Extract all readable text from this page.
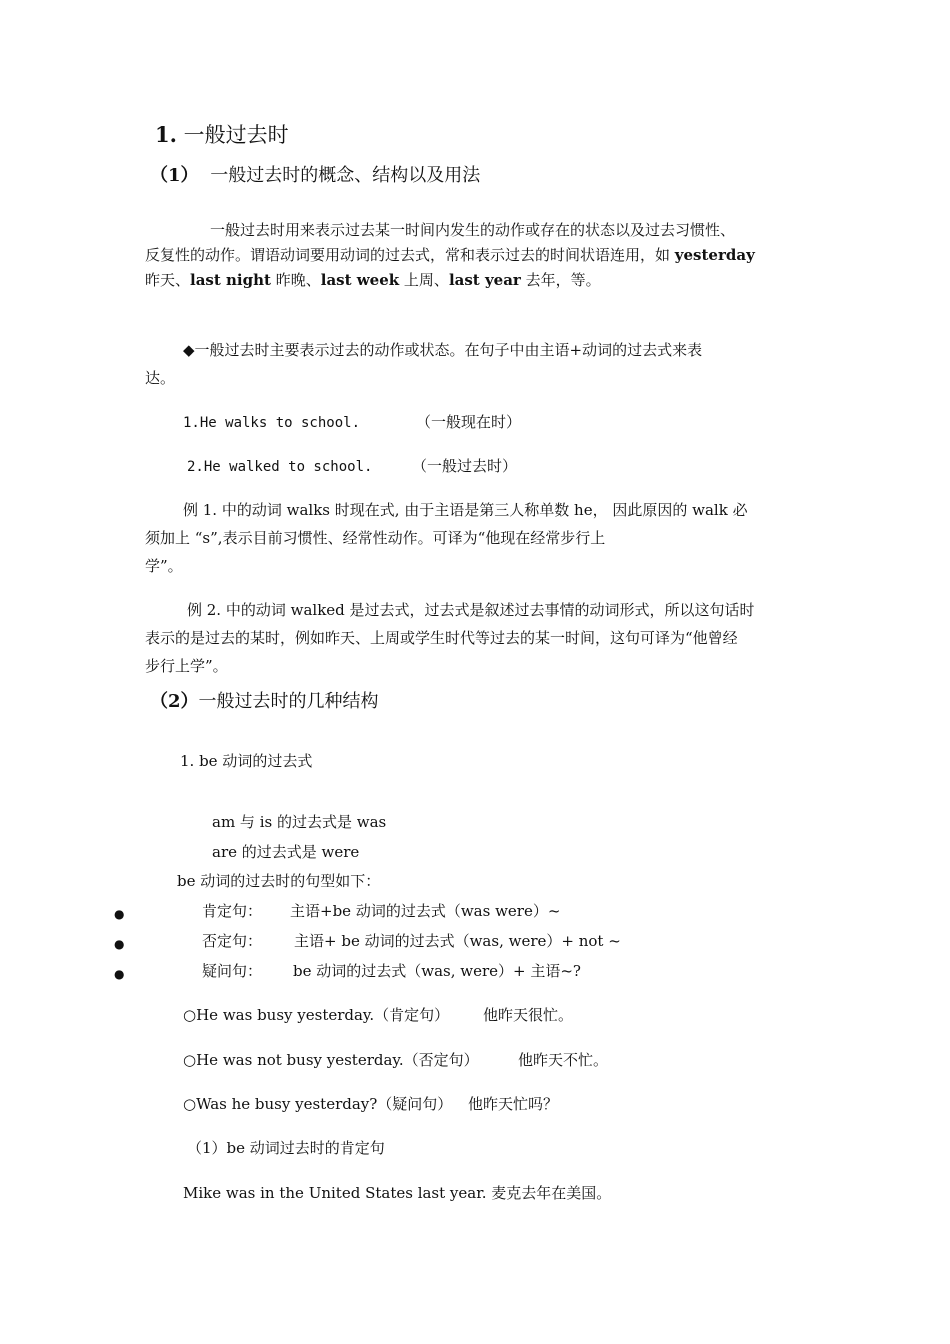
1. 一般过去时
（1） 一般过去时的概念、结构以及用法
一般过去时用来表示过去某一时间内发生的动作或存在的状态以及过去习惯性、
反复性的动作。谓语动词要用动词的过去式，常和表示过去的时间状语连用，如 yesterday
昨天、last night 昨晚、last week 上周、last year 去年，等。
◆一般过去时主要表示过去的动作或状态。在句子中由主语+动词的过去式来表
达。
1.He walks to school.	（一般现在时）
2.He walked to school.	（一般过去时）
例 1. 中的动词 walks 时现在式, 由于主语是第三人称单数 he， 因此原因的 walk 必
须加上 “s”,表示目前习惯性、经常性动作。可译为“他现在经常步行上
学”。
例 2. 中的动词 walked 是过去式，过去式是叙述过去事情的动词形式，所以这句话时
表示的是过去的某时，例如昨天、上周或学生时代等过去的某一时间，这句可译为“他曾经
步行上学”。
（2）一般过去时的几种结构
1. be 动词的过去式
am 与 is 的过去式是 was
are 的过去式是 were
be 动词的过去时的句型如下：
●	肯定句： 主语+be 动词的过去式（was were）~
●	否定句： 主语+ be 动词的过去式（was, were）+ not ~
●	疑问句： be 动词的过去式（was, were）+ 主语~?
○He was busy yesterday.（肯定句） 他昨天很忙。
○He was not busy yesterday.（否定句）	他昨天不忙。
○Was he busy yesterday?（疑问句） 他昨天忙吗？
（1）be 动词过去时的肯定句
Mike was in the United States last year. 麦克去年在美国。
